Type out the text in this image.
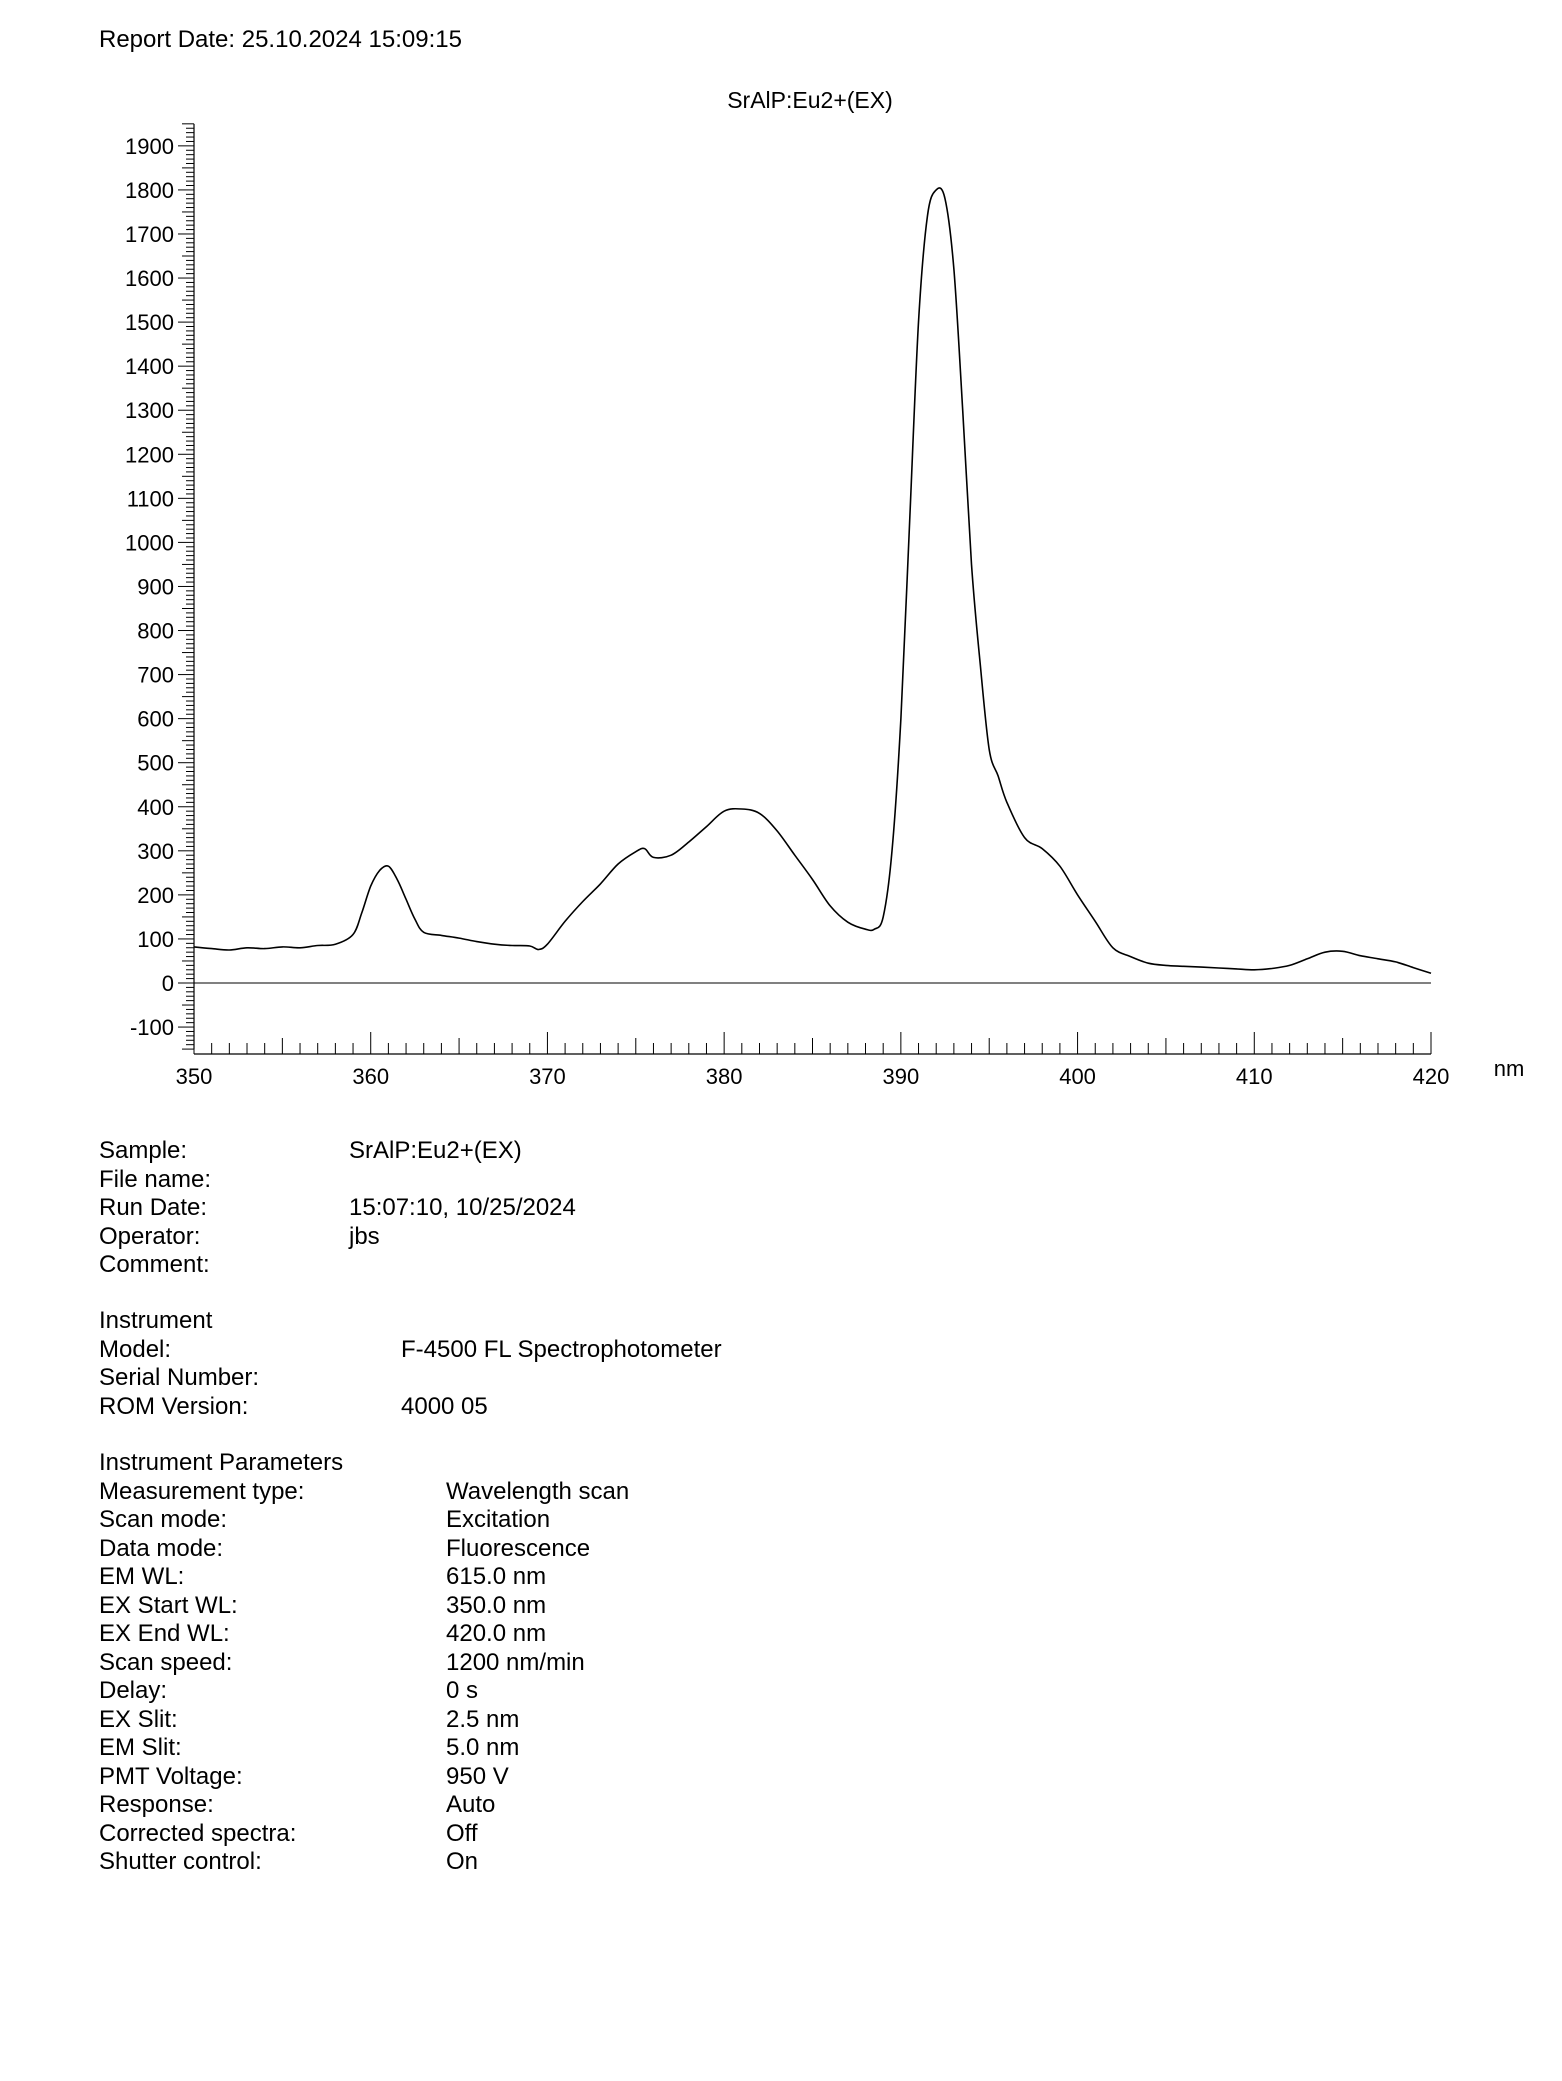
Report Date: 25.10.2024 15:09:15
SrAlP:Eu2+(EX)
-100
0
100
200
300
400
500
600
700
800
900
1000
1100
1200
1300
1400
1500
1600
1700
1800
1900
350	360	370	380	390	400	410	420 nm
Sample:	SrAlP:Eu2+(EX)
File name:
Run Date:	15:07:10, 10/25/2024
Operator:	jbs
Comment:
Instrument
Model:	F-4500 FL Spectrophotometer
Serial Number:
ROM Version:	4000 05
Instrument Parameters
Measurement type:	Wavelength scan
Scan mode:	Excitation
Data mode:	Fluorescence
EM WL:	615.0 nm
EX Start WL:	350.0 nm
EX End WL:	420.0 nm
Scan speed:	1200 nm/min
Delay:	0 s
EX Slit:	2.5 nm
EM Slit:	5.0 nm
PMT Voltage:	950 V
Response:	Auto
Corrected spectra:	Off
Shutter control:	On
